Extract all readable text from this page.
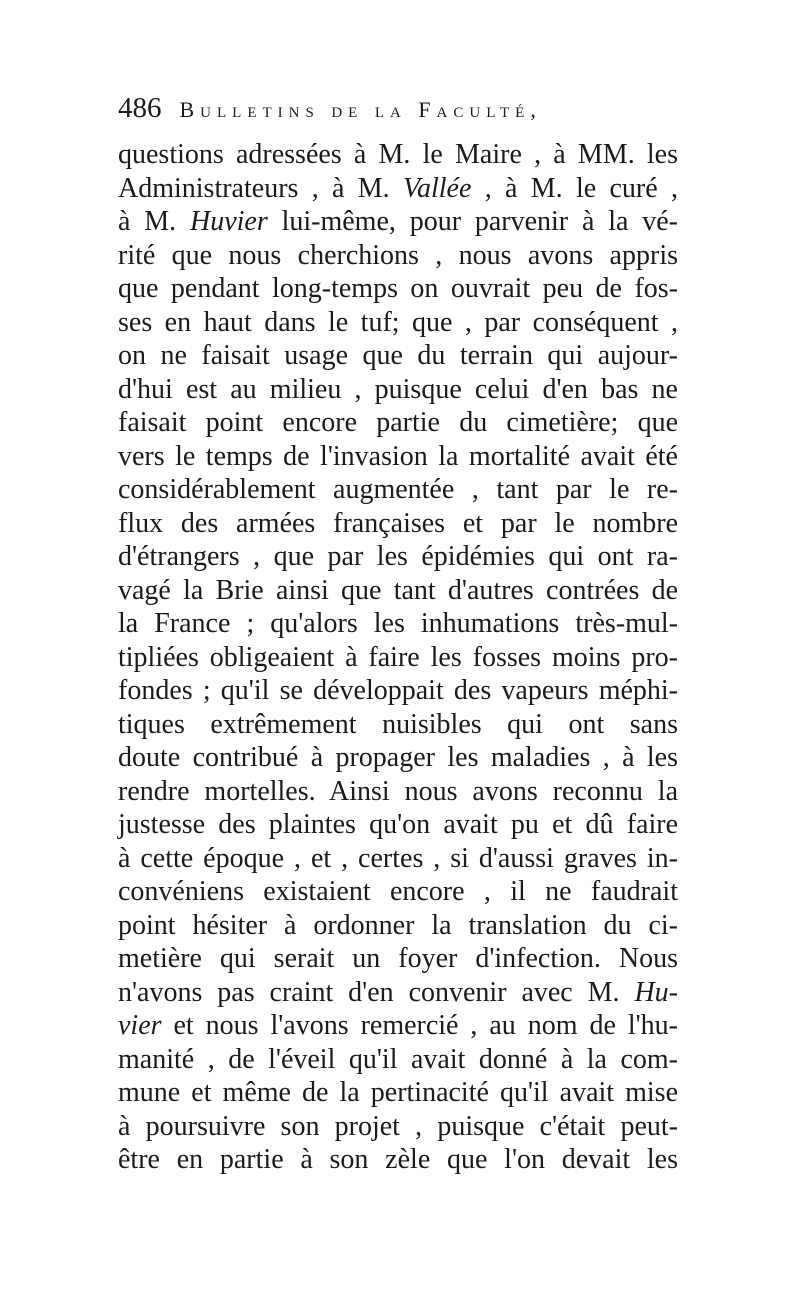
486 Bulletins de la Faculté,
questions adressées à M. le Maire , à MM. les
Administrateurs , à M. Vallée , à M. le curé ,
à M. Huvier lui-même, pour parvenir à la vé-
rité que nous cherchions , nous avons appris
que pendant long-temps on ouvrait peu de fos-
ses en haut dans le tuf; que , par conséquent ,
on ne faisait usage que du terrain qui aujour-
d'hui est au milieu , puisque celui d'en bas ne
faisait point encore partie du cimetière; que
vers le temps de l'invasion la mortalité avait été
considérablement augmentée , tant par le re-
flux des armées françaises et par le nombre
d'étrangers , que par les épidémies qui ont ra-
vagé la Brie ainsi que tant d'autres contrées de
la France ; qu'alors les inhumations très-mul-
tipliées obligeaient à faire les fosses moins pro-
fondes ; qu'il se développait des vapeurs méphi-
tiques extrêmement nuisibles qui ont sans
doute contribué à propager les maladies , à les
rendre mortelles. Ainsi nous avons reconnu la
justesse des plaintes qu'on avait pu et dû faire
à cette époque , et , certes , si d'aussi graves in-
convéniens existaient encore , il ne faudrait
point hésiter à ordonner la translation du ci-
metière qui serait un foyer d'infection. Nous
n'avons pas craint d'en convenir avec M. Hu-
vier et nous l'avons remercié , au nom de l'hu-
manité , de l'éveil qu'il avait donné à la com-
mune et même de la pertinacité qu'il avait mise
à poursuivre son projet , puisque c'était peut-
être en partie à son zèle que l'on devait les
